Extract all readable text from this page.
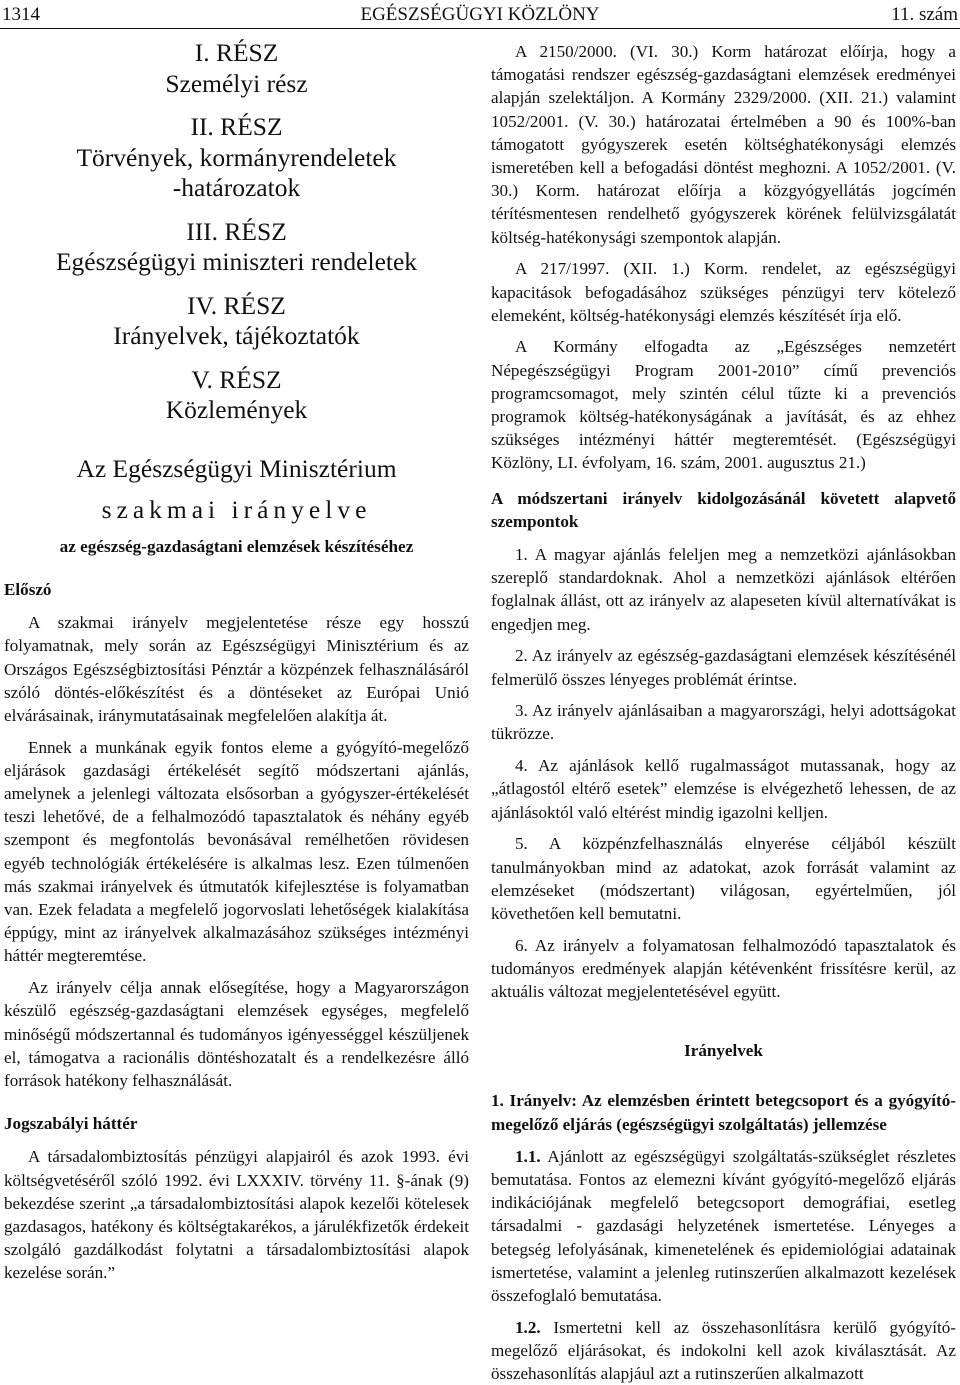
1314	EGÉSZSÉGÜGYI KÖZLÖNY	11. szám
I. RÉSZ
Személyi rész
II. RÉSZ
Törvények, kormányrendeletek
-határozatok
III. RÉSZ
Egészségügyi miniszteri rendeletek
IV. RÉSZ
Irányelvek, tájékoztatók
V. RÉSZ
Közlemények
Az Egészségügyi Minisztérium
szakmai irányelve
az egészség-gazdaságtani elemzések készítéséhez
Előszó

A szakmai irányelv megjelentetése része egy hosszú folyamatnak, mely során az Egészségügyi Minisztérium és az Országos Egészségbiztosítási Pénztár a közpénzek felhasználásáról szóló döntés-előkészítést és a döntéseket az Európai Unió elvárásainak, iránymutatásainak megfelelően alakítja át.

Ennek a munkának egyik fontos eleme a gyógyító-megelőző eljárások gazdasági értékelését segítő módszertani ajánlás, amelynek a jelenlegi változata elsősorban a gyógyszer-értékelését teszi lehetővé, de a felhalmozódó tapasztalatok és néhány egyéb szempont és megfontolás bevonásával remélhetően rövidesen egyéb technológiák értékelésére is alkalmas lesz. Ezen túlmenően más szakmai irányelvek és útmutatók kifejlesztése is folyamatban van. Ezek feladata a megfelelő jogorvoslati lehetőségek kialakítása éppúgy, mint az irányelvek alkalmazásához szükséges intézményi háttér megteremtése.

Az irányelv célja annak elősegítése, hogy a Magyarországon készülő egészség-gazdaságtani elemzések egységes, megfelelő minőségű módszertannal és tudományos igényességgel készüljenek el, támogatva a racionális döntéshozatalt és a rendelkezésre álló források hatékony felhasználását.

Jogszabályi háttér

A társadalombiztosítás pénzügyi alapjairól és azok 1993. évi költségvetéséről szóló 1992. évi LXXXIV. törvény 11. §-ának (9) bekezdése szerint „a társadalombiztosítási alapok kezelői kötelesek gazdasagos, hatékony és költségtakarékos, a járulékfizetők érdekeit szolgáló gazdálkodást folytatni a társadalombiztosítási alapok kezelése során.”

A 2150/2000. (VI. 30.) Korm határozat előírja, hogy a támogatási rendszer egészség-gazdaságtani elemzések eredményei alapján szelektáljon. A Kormány 2329/2000. (XII. 21.) valamint 1052/2001. (V. 30.) határozatai értelmében a 90 és 100%-ban támogatott gyógyszerek esetén költséghatékonysági elemzés ismeretében kell a befogadási döntést meghozni. A 1052/2001. (V. 30.) Korm. határozat előírja a közgyógyellátás jogcímén térítésmentesen rendelhető gyógyszerek körének felülvizsgálatát költség-hatékonysági szempontok alapján.

A 217/1997. (XII. 1.) Korm. rendelet, az egészségügyi kapacitások befogadásához szükséges pénzügyi terv kötelező elemeként, költség-hatékonysági elemzés készítését írja elő.

A Kormány elfogadta az „Egészséges nemzetért Népegészségügyi Program 2001-2010” című prevenciós programcsomagot, mely szintén célul tűzte ki a prevenciós programok költség-hatékonyságának a javítását, és az ehhez szükséges intézményi háttér megteremtését. (Egészségügyi Közlöny, LI. évfolyam, 16. szám, 2001. augusztus 21.)

A módszertani irányelv kidolgozásánál követett alapvető szempontok

1. A magyar ajánlás feleljen meg a nemzetközi ajánlásokban szereplő standardoknak. Ahol a nemzetközi ajánlások eltérően foglalnak állást, ott az irányelv az alapeseten kívül alternatívákat is engedjen meg.

2. Az irányelv az egészség-gazdaságtani elemzések készítésénél felmerülő összes lényeges problémát érintse.

3. Az irányelv ajánlásaiban a magyarországi, helyi adottságokat tükrözze.

4. Az ajánlások kellő rugalmasságot mutassanak, hogy az „átlagostól eltérő esetek” elemzése is elvégezhető lehessen, de az ajánlásoktól való eltérést mindig igazolni kelljen.

5. A közpénzfelhasználás elnyerése céljából készült tanulmányokban mind az adatokat, azok forrását valamint az elemzéseket (módszertant) világosan, egyértelműen, jól követhetően kell bemutatni.

6. Az irányelv a folyamatosan felhalmozódó tapasztalatok és tudományos eredmények alapján kétévenként frissítésre kerül, az aktuális változat megjelentetésével együtt.

Irányelvek
1. Irányelv: Az elemzésben érintett betegcsoport és a gyógyító-megelőző eljárás (egészségügyi szolgáltatás) jellemzése

1.1. Ajánlott az egészségügyi szolgáltatás-szükséglet részletes bemutatása. Fontos az elemezni kívánt gyógyító-megelőző eljárás indikációjának megfelelő betegcsoport demográfiai, esetleg társadalmi - gazdasági helyzetének ismertetése. Lényeges a betegség lefolyásának, kimenetelének és epidemiológiai adatainak ismertetése, valamint a jelenleg rutinszerűen alkalmazott kezelések összefoglaló bemutatása.

1.2. Ismertetni kell az összehasonlításra kerülő gyógyító-megelőző eljárásokat, és indokolni kell azok kiválasztását. Az összehasonlítás alapjául azt a rutinszerűen alkalmazott
